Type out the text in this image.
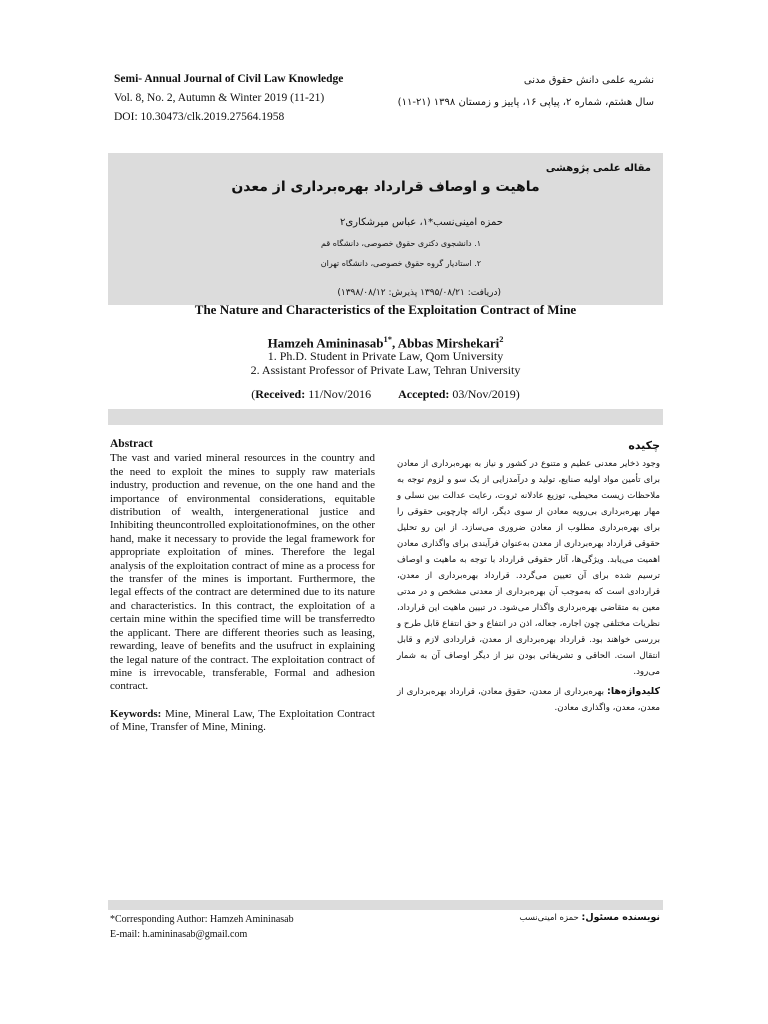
Semi- Annual Journal of Civil Law Knowledge
Vol. 8, No. 2, Autumn & Winter 2019 (11-21)
DOI: 10.30473/clk.2019.27564.1958
نشریه علمی دانش حقوق مدنی
سال هشتم، شماره ۲، پیاپی ۱۶، پاییز و زمستان ۱۳۹۸ (۲۱-۱۱)
مقاله علمی پژوهشی
ماهیت و اوصاف قرارداد بهره‌برداری از معدن
حمزه امینی‌نسب*۱، عباس میرشکاری۲
۱. دانشجوی دکتری حقوق خصوصی، دانشگاه قم
۲. استادیار گروه حقوق خصوصی، دانشگاه تهران
(دریافت: ۱۳۹۵/۰۸/۲۱ پذیرش: ۱۳۹۸/۰۸/۱۲)
The Nature and Characteristics of the Exploitation Contract of Mine
Hamzeh Amininasab$^{1*}$, Abbas Mirshekari$^2$
1. Ph.D. Student in Private Law, Qom University
2. Assistant Professor of Private Law, Tehran University
(Received: 11/Nov/2016 Accepted: 03/Nov/2019)
Abstract

The vast and varied mineral resources in the country and the need to exploit the mines to supply raw materials industry, production and revenue, on the one hand and the importance of environmental considerations, equitable distribution of wealth, intergenerational justice and Inhibiting theuncontrolled exploitationofmines, on the other hand, make it necessary to provide the legal framework for appropriate exploitation of mines. Therefore the legal analysis of the exploitation contract of mine as a process for the transfer of the mines is important. Furthermore, the legal effects of the contract are determined due to its nature and characteristics. In this contract, the exploitation of a certain mine within the specified time will be transferredto the applicant. There are different theories such as leasing, rewarding, leave of benefits and the usufruct in explaining the legal nature of the contract. The exploitation contract of mine is irrevocable, transferable, Formal and adhesion contract.

Keywords: Mine, Mineral Law, The Exploitation Contract of Mine, Transfer of Mine, Mining.

چکیده

وجود ذخایر معدنی عظیم و متنوع در کشور و نیاز به بهره‌برداری از معادن برای تأمین مواد اولیه صنایع، تولید و درآمدزایی از یک سو و لزوم توجه به ملاحظات زیست محیطی، توزیع عادلانه ثروت، رعایت عدالت بین نسلی و مهار بهره‌برداری بی‌رویه معادن از سوی دیگر، ارائه چارچوبی حقوقی را برای بهره‌برداری مطلوب از معادن ضروری می‌سازد. از این رو تحلیل حقوقی قرارداد بهره‌برداری از معدن به‌عنوان فرآیندی برای واگذاری معادن اهمیت می‌یابد. ویژگی‌ها، آثار حقوقی قرارداد با توجه به ماهیت و اوصاف ترسیم شده برای آن تعیین می‌گردد. قرارداد بهره‌برداری از معدن، قراردادی است که به‌موجب آن بهره‌برداری از معدنی مشخص و در مدتی معین به متقاضی بهره‌برداری واگذار می‌شود. در تبیین ماهیت این قرارداد، نظریات مختلفی چون اجاره، جعاله، اذن در انتفاع و حق انتفاع قابل طرح و بررسی خواهند بود. قرارداد بهره‌برداری از معدن، قراردادی لازم و قابل انتقال است. الحاقی و تشریفاتی بودن نیز از دیگر اوصاف آن به شمار می‌رود.

کلیدواژه‌ها: بهره‌برداری از معدن، حقوق معادن، قرارداد بهره‌برداری از معدن، معدن، واگذاری معادن.

*Corresponding Author: Hamzeh Amininasab
E-mail: h.amininasab@gmail.com
نویسنده مسئول: حمزه امینی‌نسب
